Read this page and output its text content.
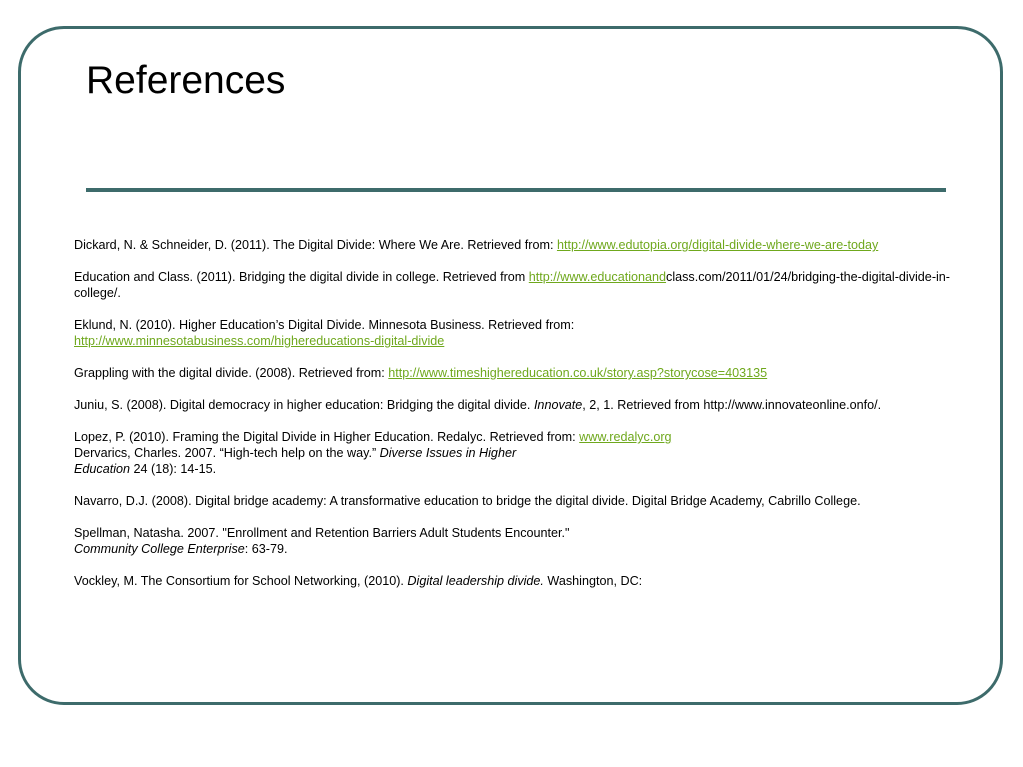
References
Dickard, N. & Schneider, D. (2011). The Digital Divide: Where We Are. Retrieved from: http://www.edutopia.org/digital-divide-where-we-are-today
Education and Class. (2011). Bridging the digital divide in college. Retrieved from http://www.educationandclass.com/2011/01/24/bridging-the-digital-divide-in-college/.
Eklund, N. (2010). Higher Education’s Digital Divide. Minnesota Business. Retrieved from:
http://www.minnesotabusiness.com/highereducations-digital-divide
Grappling with the digital divide. (2008). Retrieved from: http://www.timeshighereducation.co.uk/story.asp?storycose=403135
Juniu, S. (2008). Digital democracy in higher education: Bridging the digital divide. Innovate, 2, 1. Retrieved from http://www.innovateonline.onfo/.
Lopez, P. (2010). Framing the Digital Divide in Higher Education. Redalyc. Retrieved from: www.redalyc.org
Dervarics, Charles. 2007. “High-tech help on the way.” Diverse Issues in Higher Education 24 (18): 14-15.
Navarro, D.J. (2008). Digital bridge academy: A transformative education to bridge the digital divide. Digital Bridge Academy, Cabrillo College.
Spellman, Natasha. 2007. "Enrollment and Retention Barriers Adult Students Encounter."
Community College Enterprise: 63-79.
Vockley, M. The Consortium for School Networking, (2010). Digital leadership divide. Washington, DC:
